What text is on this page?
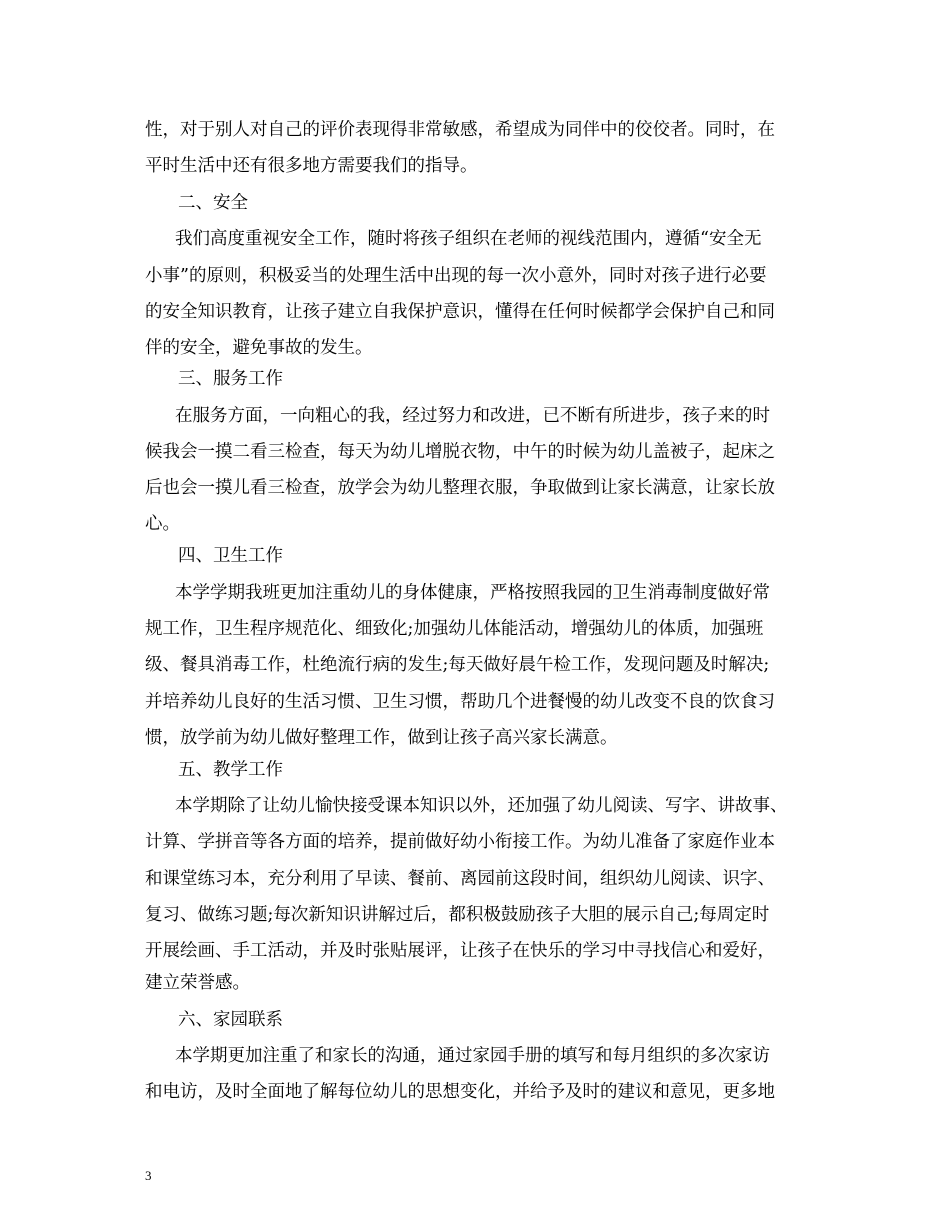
性，对于别人对自己的评价表现得非常敏感，希望成为同伴中的佼佼者。同时，在
平时生活中还有很多地方需要我们的指导。
二、安全
我们高度重视安全工作，随时将孩子组织在老师的视线范围内，遵循“安全无
小事”的原则，积极妥当的处理生活中出现的每一次小意外，同时对孩子进行必要
的安全知识教育，让孩子建立自我保护意识，懂得在任何时候都学会保护自己和同
伴的安全，避免事故的发生。
三、服务工作
在服务方面，一向粗心的我，经过努力和改进，已不断有所进步，孩子来的时
候我会一摸二看三检查，每天为幼儿增脱衣物，中午的时候为幼儿盖被子，起床之
后也会一摸儿看三检查，放学会为幼儿整理衣服，争取做到让家长满意，让家长放
心。
四、卫生工作
本学学期我班更加注重幼儿的身体健康，严格按照我园的卫生消毒制度做好常
规工作，卫生程序规范化、细致化;加强幼儿体能活动，增强幼儿的体质，加强班
级、餐具消毒工作，杜绝流行病的发生;每天做好晨午检工作，发现问题及时解决;
并培养幼儿良好的生活习惯、卫生习惯，帮助几个进餐慢的幼儿改变不良的饮食习
惯，放学前为幼儿做好整理工作，做到让孩子高兴家长满意。
五、教学工作
本学期除了让幼儿愉快接受课本知识以外，还加强了幼儿阅读、写字、讲故事、
计算、学拼音等各方面的培养，提前做好幼小衔接工作。为幼儿准备了家庭作业本
和课堂练习本，充分利用了早读、餐前、离园前这段时间，组织幼儿阅读、识字、
复习、做练习题;每次新知识讲解过后，都积极鼓励孩子大胆的展示自己;每周定时
开展绘画、手工活动，并及时张贴展评，让孩子在快乐的学习中寻找信心和爱好，
建立荣誉感。
六、家园联系
本学期更加注重了和家长的沟通，通过家园手册的填写和每月组织的多次家访
和电访，及时全面地了解每位幼儿的思想变化，并给予及时的建议和意见，更多地
3
